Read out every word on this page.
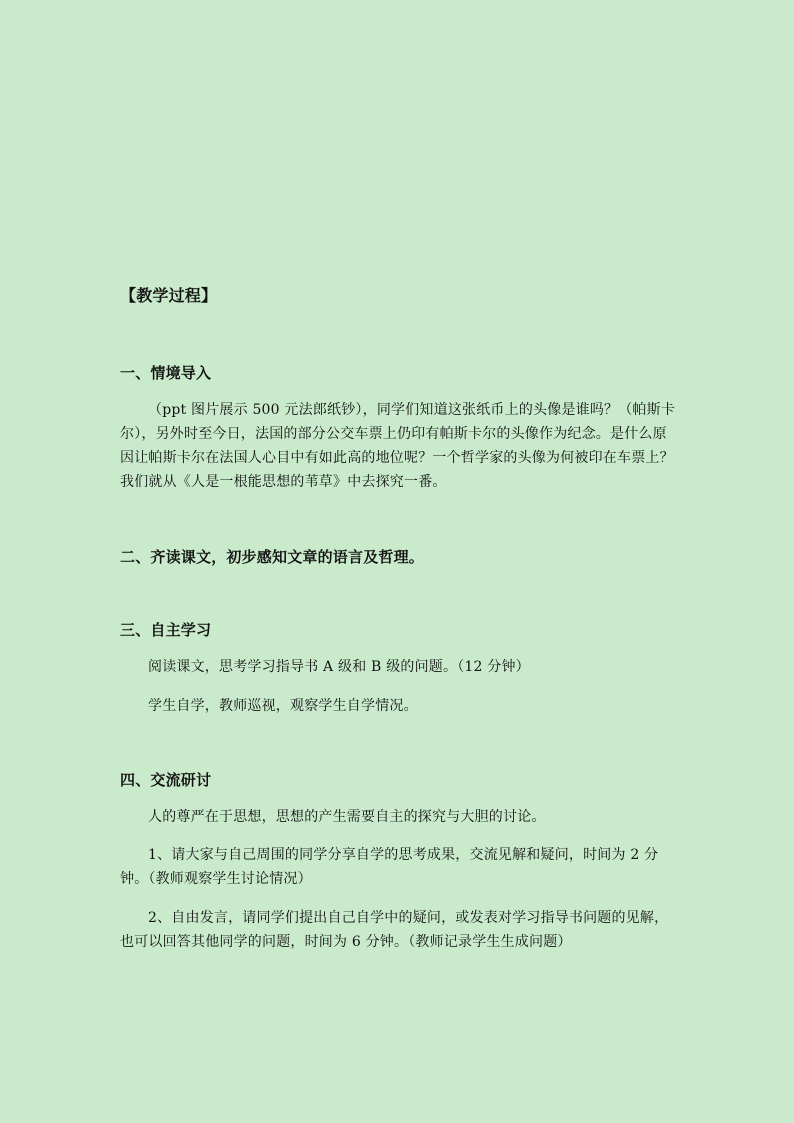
【教学过程】
一、情境导入
（ppt 图片展示 500 元法郎纸钞），同学们知道这张纸币上的头像是谁吗？（帕斯卡尔），另外时至今日，法国的部分公交车票上仍印有帕斯卡尔的头像作为纪念。是什么原因让帕斯卡尔在法国人心目中有如此高的地位呢？一个哲学家的头像为何被印在车票上？我们就从《人是一根能思想的苇草》中去探究一番。
二、齐读课文，初步感知文章的语言及哲理。
三、自主学习
阅读课文，思考学习指导书 A 级和 B 级的问题。（12 分钟）
学生自学，教师巡视，观察学生自学情况。
四、交流研讨
人的尊严在于思想，思想的产生需要自主的探究与大胆的讨论。
1、请大家与自己周围的同学分享自学的思考成果，交流见解和疑问，时间为 2 分钟。（教师观察学生讨论情况）
2、自由发言，请同学们提出自己自学中的疑问，或发表对学习指导书问题的见解，也可以回答其他同学的问题，时间为 6 分钟。（教师记录学生生成问题）
